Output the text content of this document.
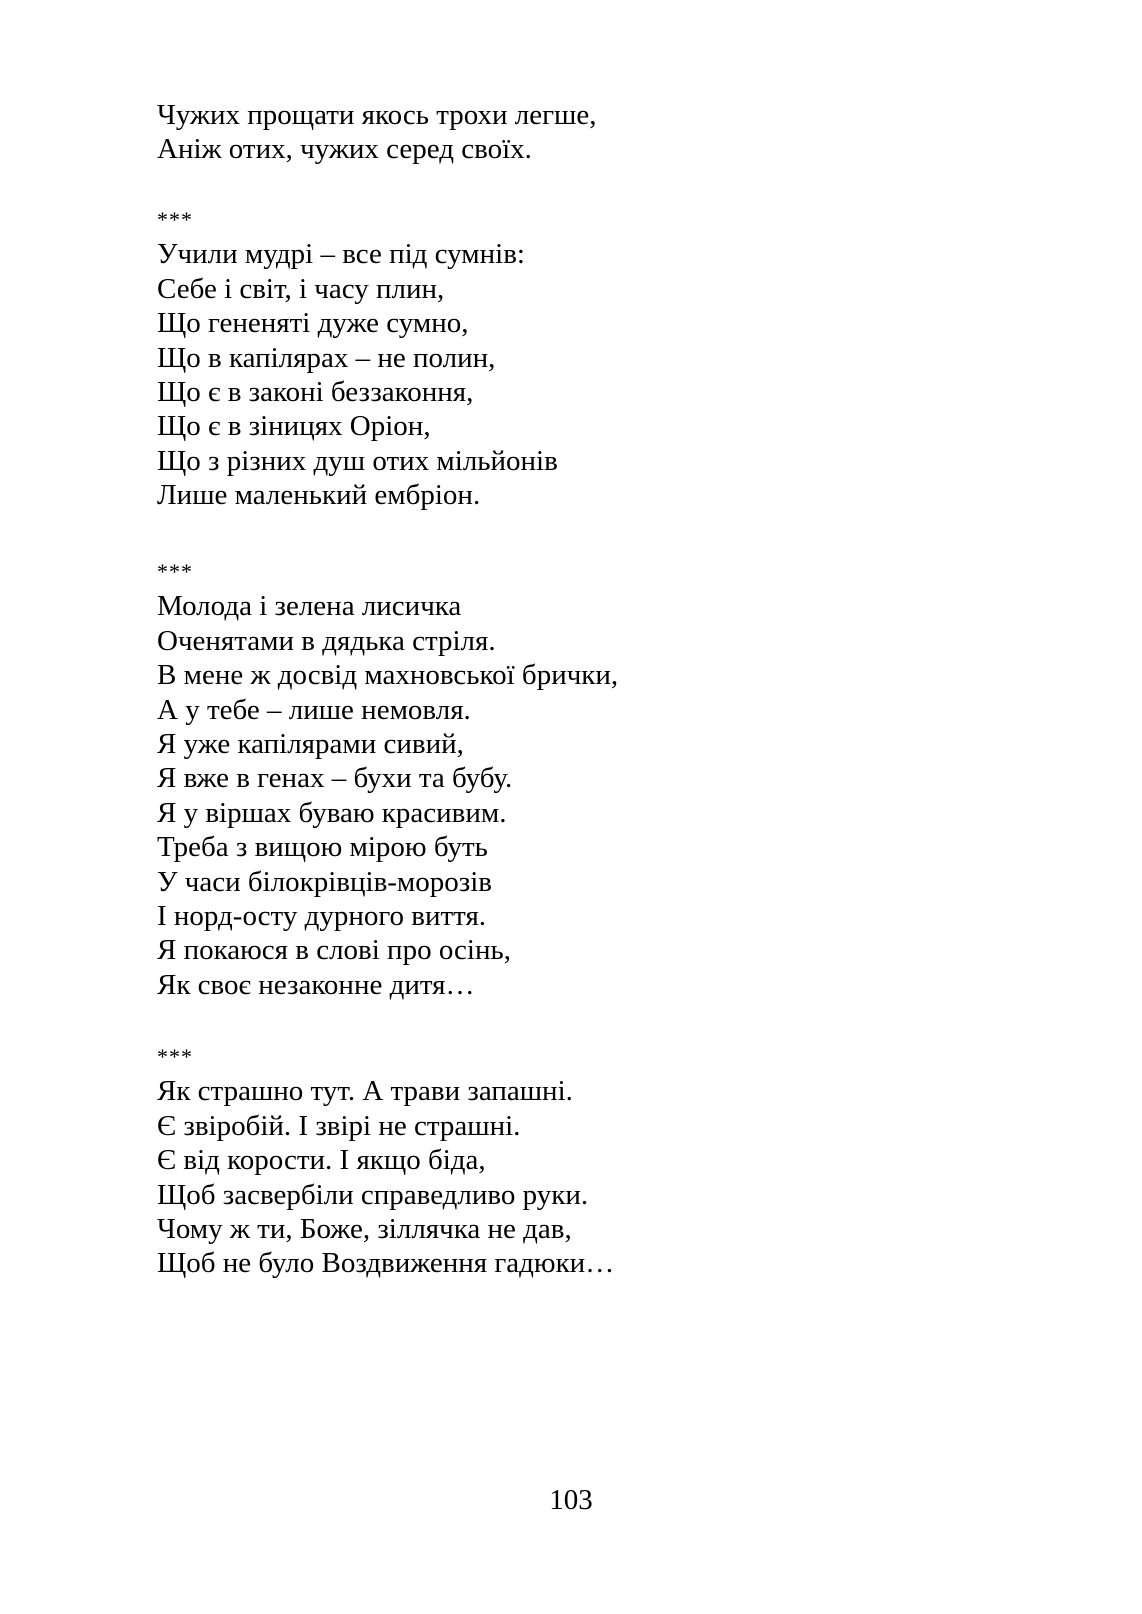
Чужих прощати якось трохи легше,
Аніж отих, чужих серед своїх.
***
Учили мудрі – все під сумнів:
Себе і світ, і часу плин,
Що гененяті дуже сумно,
Що в капілярах – не полин,
Що є в законі беззаконня,
Що є в зіницях Оріон,
Що з різних душ отих мільйонів
Лише маленький ембріон.
***
Молода і зелена лисичка
Оченятами в дядька стріля.
В мене ж досвід махновської брички,
А у тебе – лише немовля.
Я уже капілярами сивий,
Я вже в генах – бухи та бубу.
Я у віршах буваю красивим.
Треба з вищою мірою буть
У часи білокрівців-морозів
І норд-осту дурного виття.
Я покаюся в слові про осінь,
Як своє незаконне дитя…
***
Як страшно тут. А трави запашні.
Є звіробій. І звірі не страшні.
Є від корости. І якщо біда,
Щоб засвербіли справедливо руки.
Чому ж ти, Боже, зіллячка не дав,
Щоб не було Воздвиження гадюки…
103
